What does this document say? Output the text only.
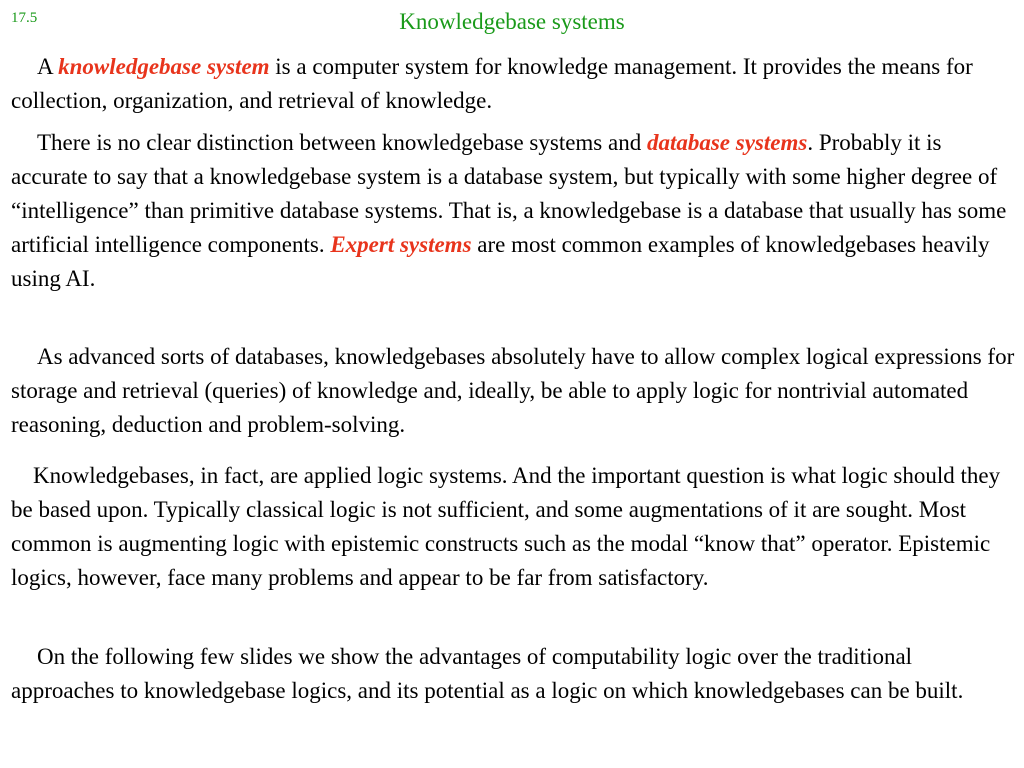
17.5	Knowledgebase systems

A knowledgebase system is a computer system for knowledge management. It provides the means for collection, organization, and retrieval of knowledge.

There is no clear distinction between knowledgebase systems and database systems. Probably it is accurate to say that a knowledgebase system is a database system, but typically with some higher degree of “intelligence” than primitive database systems. That is, a knowledgebase is a database that usually has some artificial intelligence components. Expert systems are most common examples of knowledgebases heavily using AI.

As advanced sorts of databases, knowledgebases absolutely have to allow complex logical expressions for storage and retrieval (queries) of knowledge and, ideally, be able to apply logic for nontrivial automated reasoning, deduction and problem-solving.

Knowledgebases, in fact, are applied logic systems. And the important question is what logic should they be based upon. Typically classical logic is not sufficient, and some augmentations of it are sought. Most common is augmenting logic with epistemic constructs such as the modal “know that” operator. Epistemic logics, however, face many problems and appear to be far from satisfactory.

On the following few slides we show the advantages of computability logic over the traditional approaches to knowledgebase logics, and its potential as a logic on which knowledgebases can be built.
